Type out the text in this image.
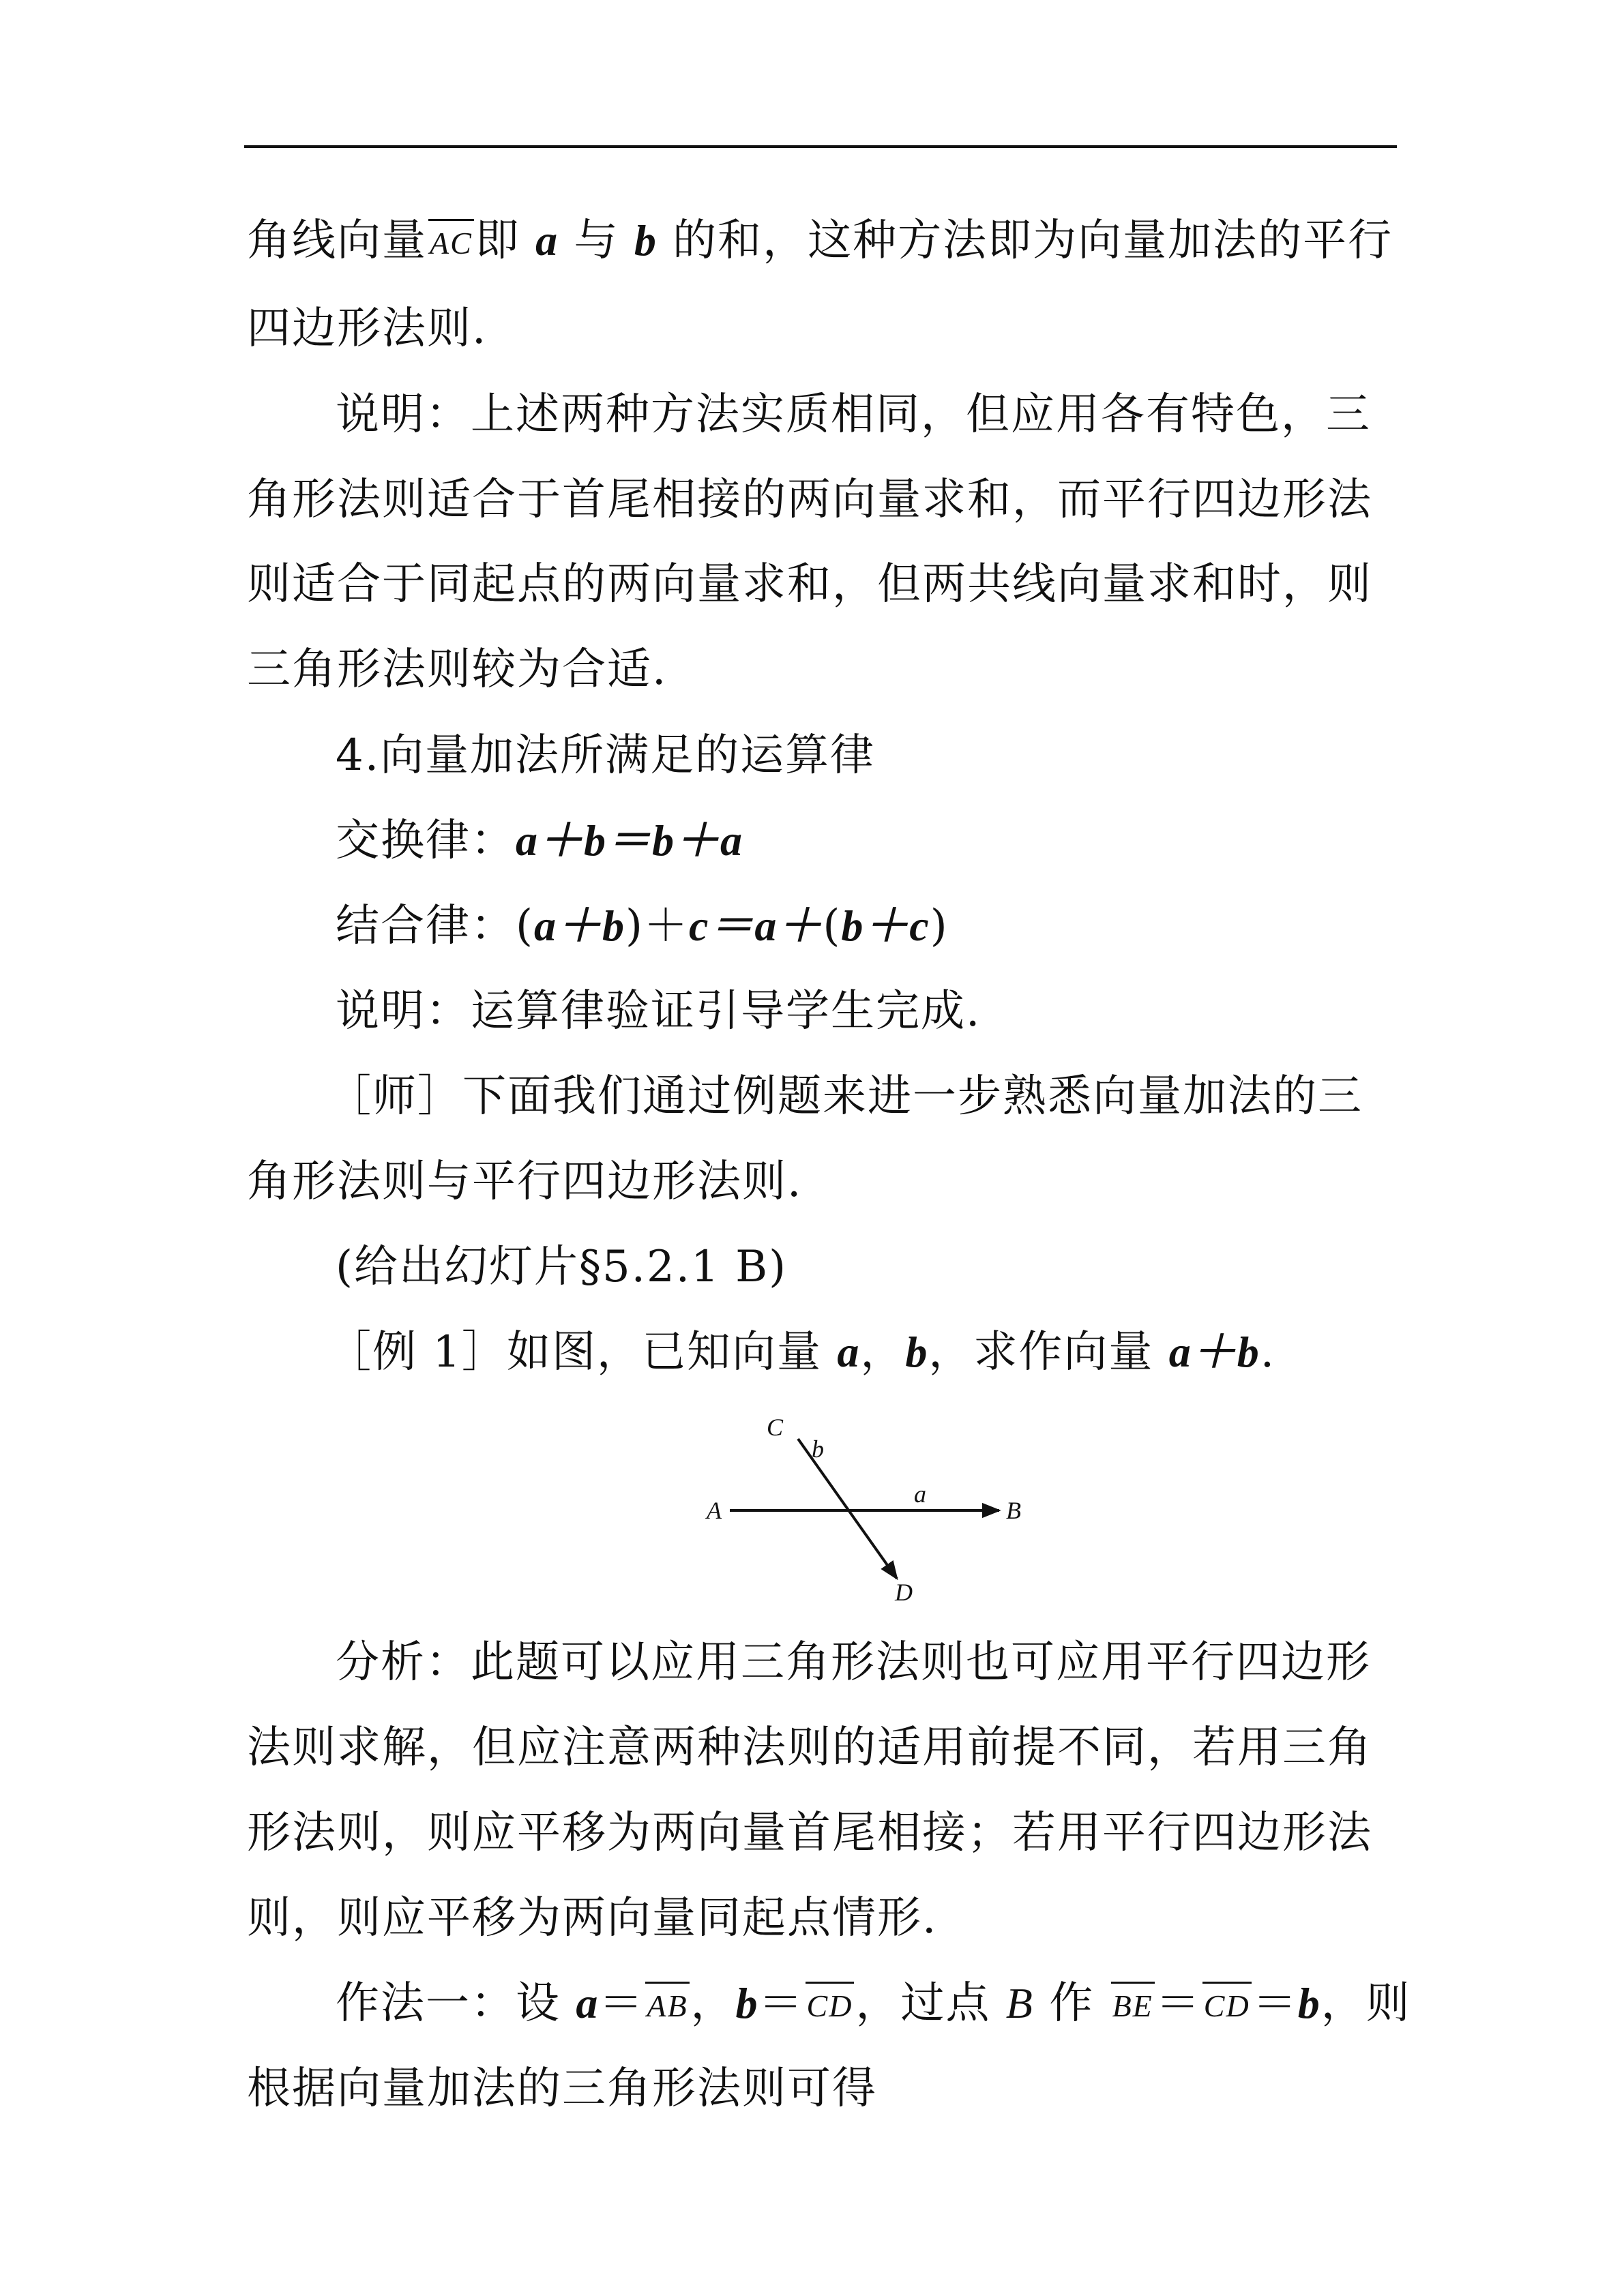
角线向量AC即 a 与 b 的和，这种方法即为向量加法的平行
四边形法则.
说明：上述两种方法实质相同，但应用各有特色，三
角形法则适合于首尾相接的两向量求和，而平行四边形法
则适合于同起点的两向量求和，但两共线向量求和时，则
三角形法则较为合适.
4.向量加法所满足的运算律
交换律：a＋b＝b＋a
结合律：(a＋b)＋c＝a＋(b＋c)
说明：运算律验证引导学生完成.
［师］下面我们通过例题来进一步熟悉向量加法的三
角形法则与平行四边形法则.
(给出幻灯片§5.2.1 B)
［例 1］如图，已知向量 a，b，求作向量 a＋b.
C
b
A
a
B
D
分析：此题可以应用三角形法则也可应用平行四边形
法则求解，但应注意两种法则的适用前提不同，若用三角
形法则，则应平移为两向量首尾相接；若用平行四边形法
则，则应平移为两向量同起点情形.
作法一：设 a＝AB，b＝CD，过点 B 作 BE＝CD＝b，则
根据向量加法的三角形法则可得
